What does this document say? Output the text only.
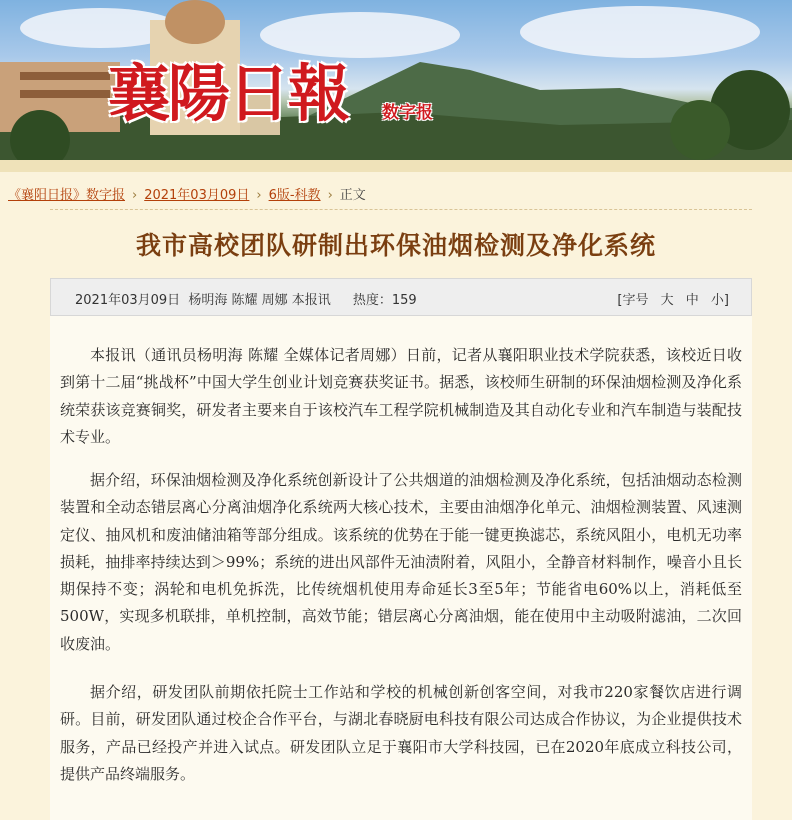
襄陽日報 数字报
《襄阳日报》数字报 › 2021年03月09日 › 6版-科教 › 正文
我市高校团队研制出环保油烟检测及净化系统
2021年03月09日 杨明海 陈耀 周娜 本报讯 热度：159	[字号 大 中 小]

本报讯（通讯员杨明海 陈耀 全媒体记者周娜）日前，记者从襄阳职业技术学院获悉，该校近日收到第十二届“挑战杯”中国大学生创业计划竞赛获奖证书。据悉，该校师生研制的环保油烟检测及净化系统荣获该竞赛铜奖，研发者主要来自于该校汽车工程学院机械制造及其自动化专业和汽车制造与装配技术专业。

据介绍，环保油烟检测及净化系统创新设计了公共烟道的油烟检测及净化系统，包括油烟动态检测装置和全动态错层离心分离油烟净化系统两大核心技术，主要由油烟净化单元、油烟检测装置、风速测定仪、抽风机和废油储油箱等部分组成。该系统的优势在于能一键更换滤芯，系统风阻小，电机无功率损耗，抽排率持续达到＞99%；系统的进出风部件无油渍附着，风阻小，全静音材料制作，噪音小且长期保持不变；涡轮和电机免拆洗，比传统烟机使用寿命延长3至5年；节能省电60%以上，消耗低至500W，实现多机联排，单机控制，高效节能；错层离心分离油烟，能在使用中主动吸附滤油，二次回收废油。

据介绍，研发团队前期依托院士工作站和学校的机械创新创客空间，对我市220家餐饮店进行调研。目前，研发团队通过校企合作平台，与湖北春晓厨电科技有限公司达成合作协议，为企业提供技术服务，产品已经投产并进入试点。研发团队立足于襄阳市大学科技园，已在2020年底成立科技公司，提供产品终端服务。
